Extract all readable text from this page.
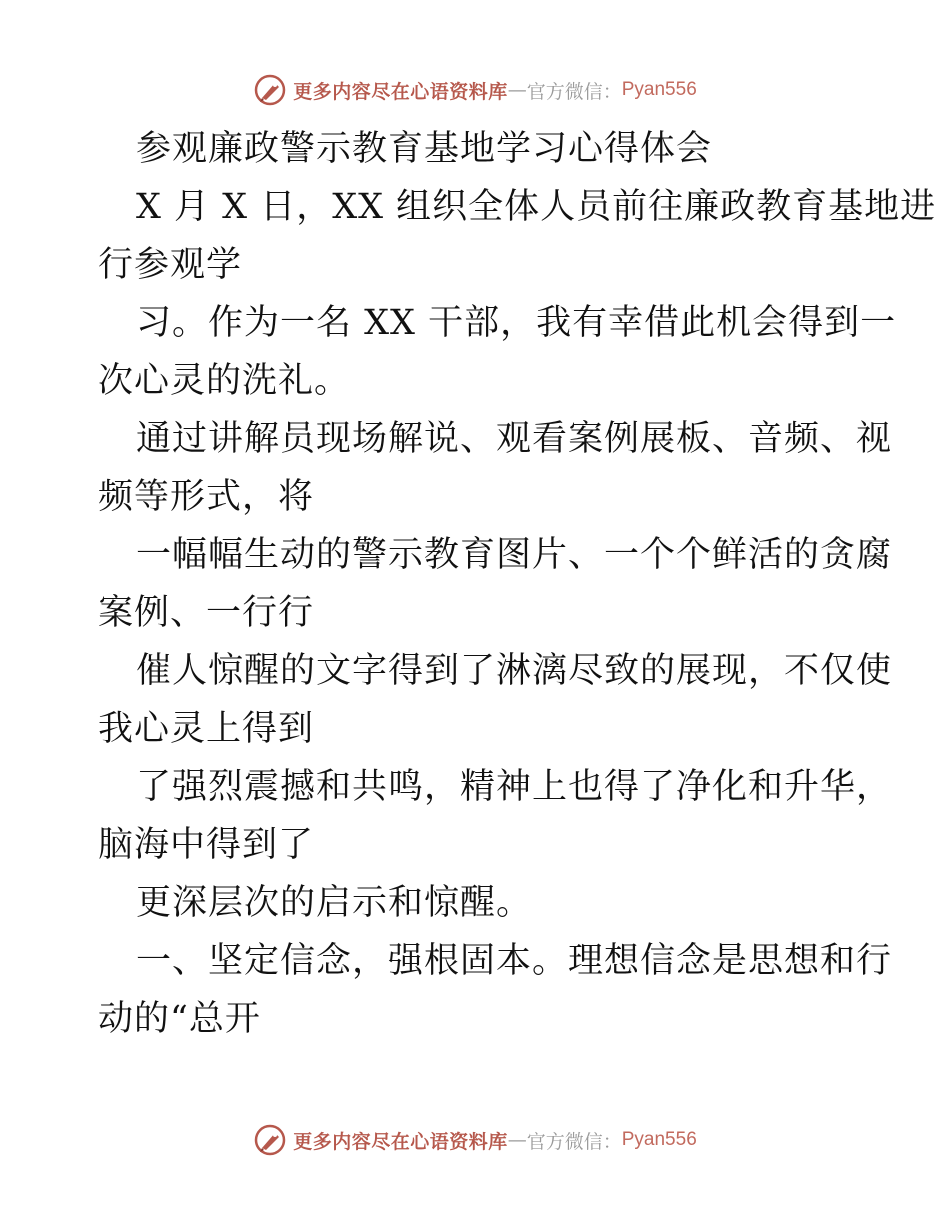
更多内容尽在心语资料库 — 官方微信： Pyan556
参观廉政警示教育基地学习心得体会
X 月 X 日，XX 组织全体人员前往廉政教育基地进
行参观学
习。作为一名 XX 干部，我有幸借此机会得到一
次心灵的洗礼。
通过讲解员现场解说、观看案例展板、音频、视
频等形式，将
一幅幅生动的警示教育图片、一个个鲜活的贪腐
案例、一行行
催人惊醒的文字得到了淋漓尽致的展现，不仅使
我心灵上得到
了强烈震撼和共鸣，精神上也得了净化和升华，
脑海中得到了
更深层次的启示和惊醒。
一、坚定信念，强根固本。理想信念是思想和行
动的“总开
更多内容尽在心语资料库 — 官方微信： Pyan556
